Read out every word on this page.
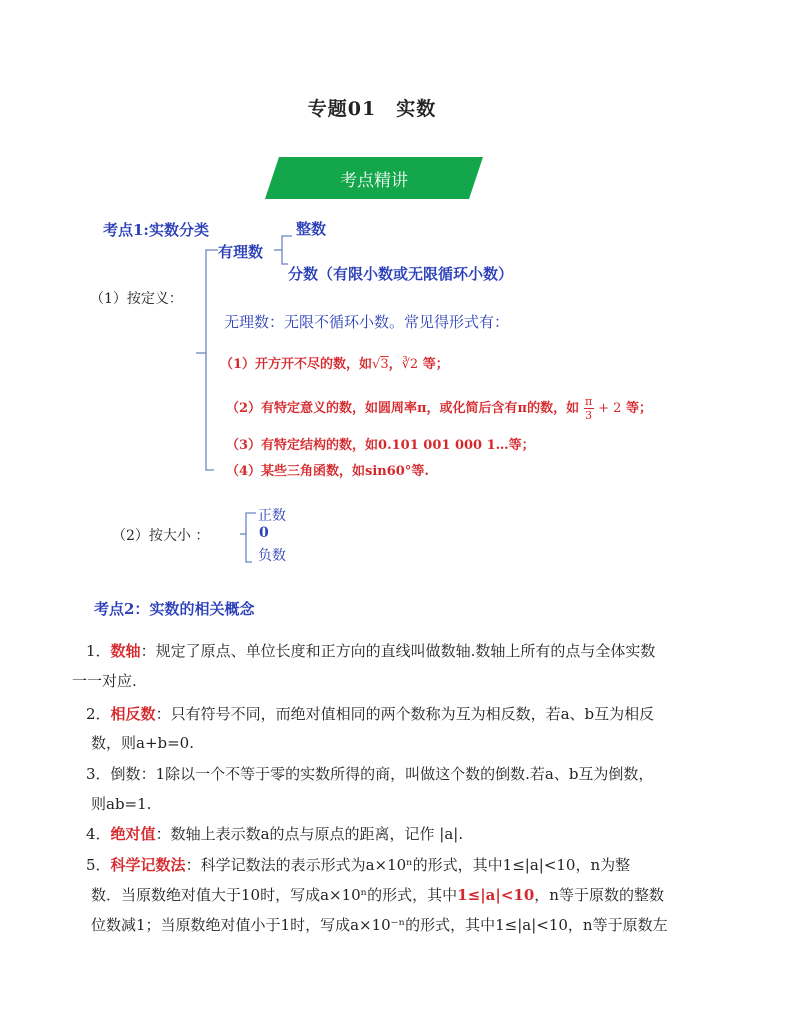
专题01　实数
考点精讲
考点1:实数分类	整数
有理数
分数（有限小数或无限循环小数）
（1）按定义：
无理数：无限不循环小数。常见得形式有：
（1）开方开不尽的数，如√3，∛2 等；
（2）有特定意义的数，如圆周率π，或化简后含有π的数，如 $\frac{\pi}{3} + 2$ 等；
（3）有特定结构的数，如0.101 001 000 1…等；
（4）某些三角函数，如sin60°等.
（2）按大小 ：
正数
0
负数
考点2：实数的相关概念
1．数轴：规定了原点、单位长度和正方向的直线叫做数轴.数轴上所有的点与全体实数
一一对应.
2．相反数：只有符号不同，而绝对值相同的两个数称为互为相反数，若a、b互为相反
数，则a+b=0.
3．倒数：1除以一个不等于零的实数所得的商，叫做这个数的倒数.若a、b互为倒数，
则ab=1.
4．绝对值：数轴上表示数a的点与原点的距离，记作 |a|.
5．科学记数法：科学记数法的表示形式为a×10ⁿ的形式，其中1≤|a|<10，n为整
数．当原数绝对值大于10时，写成a×10ⁿ的形式，其中1≤|a|<10，n等于原数的整数
位数减1；当原数绝对值小于1时，写成a×10⁻ⁿ的形式，其中1≤|a|<10，n等于原数左
